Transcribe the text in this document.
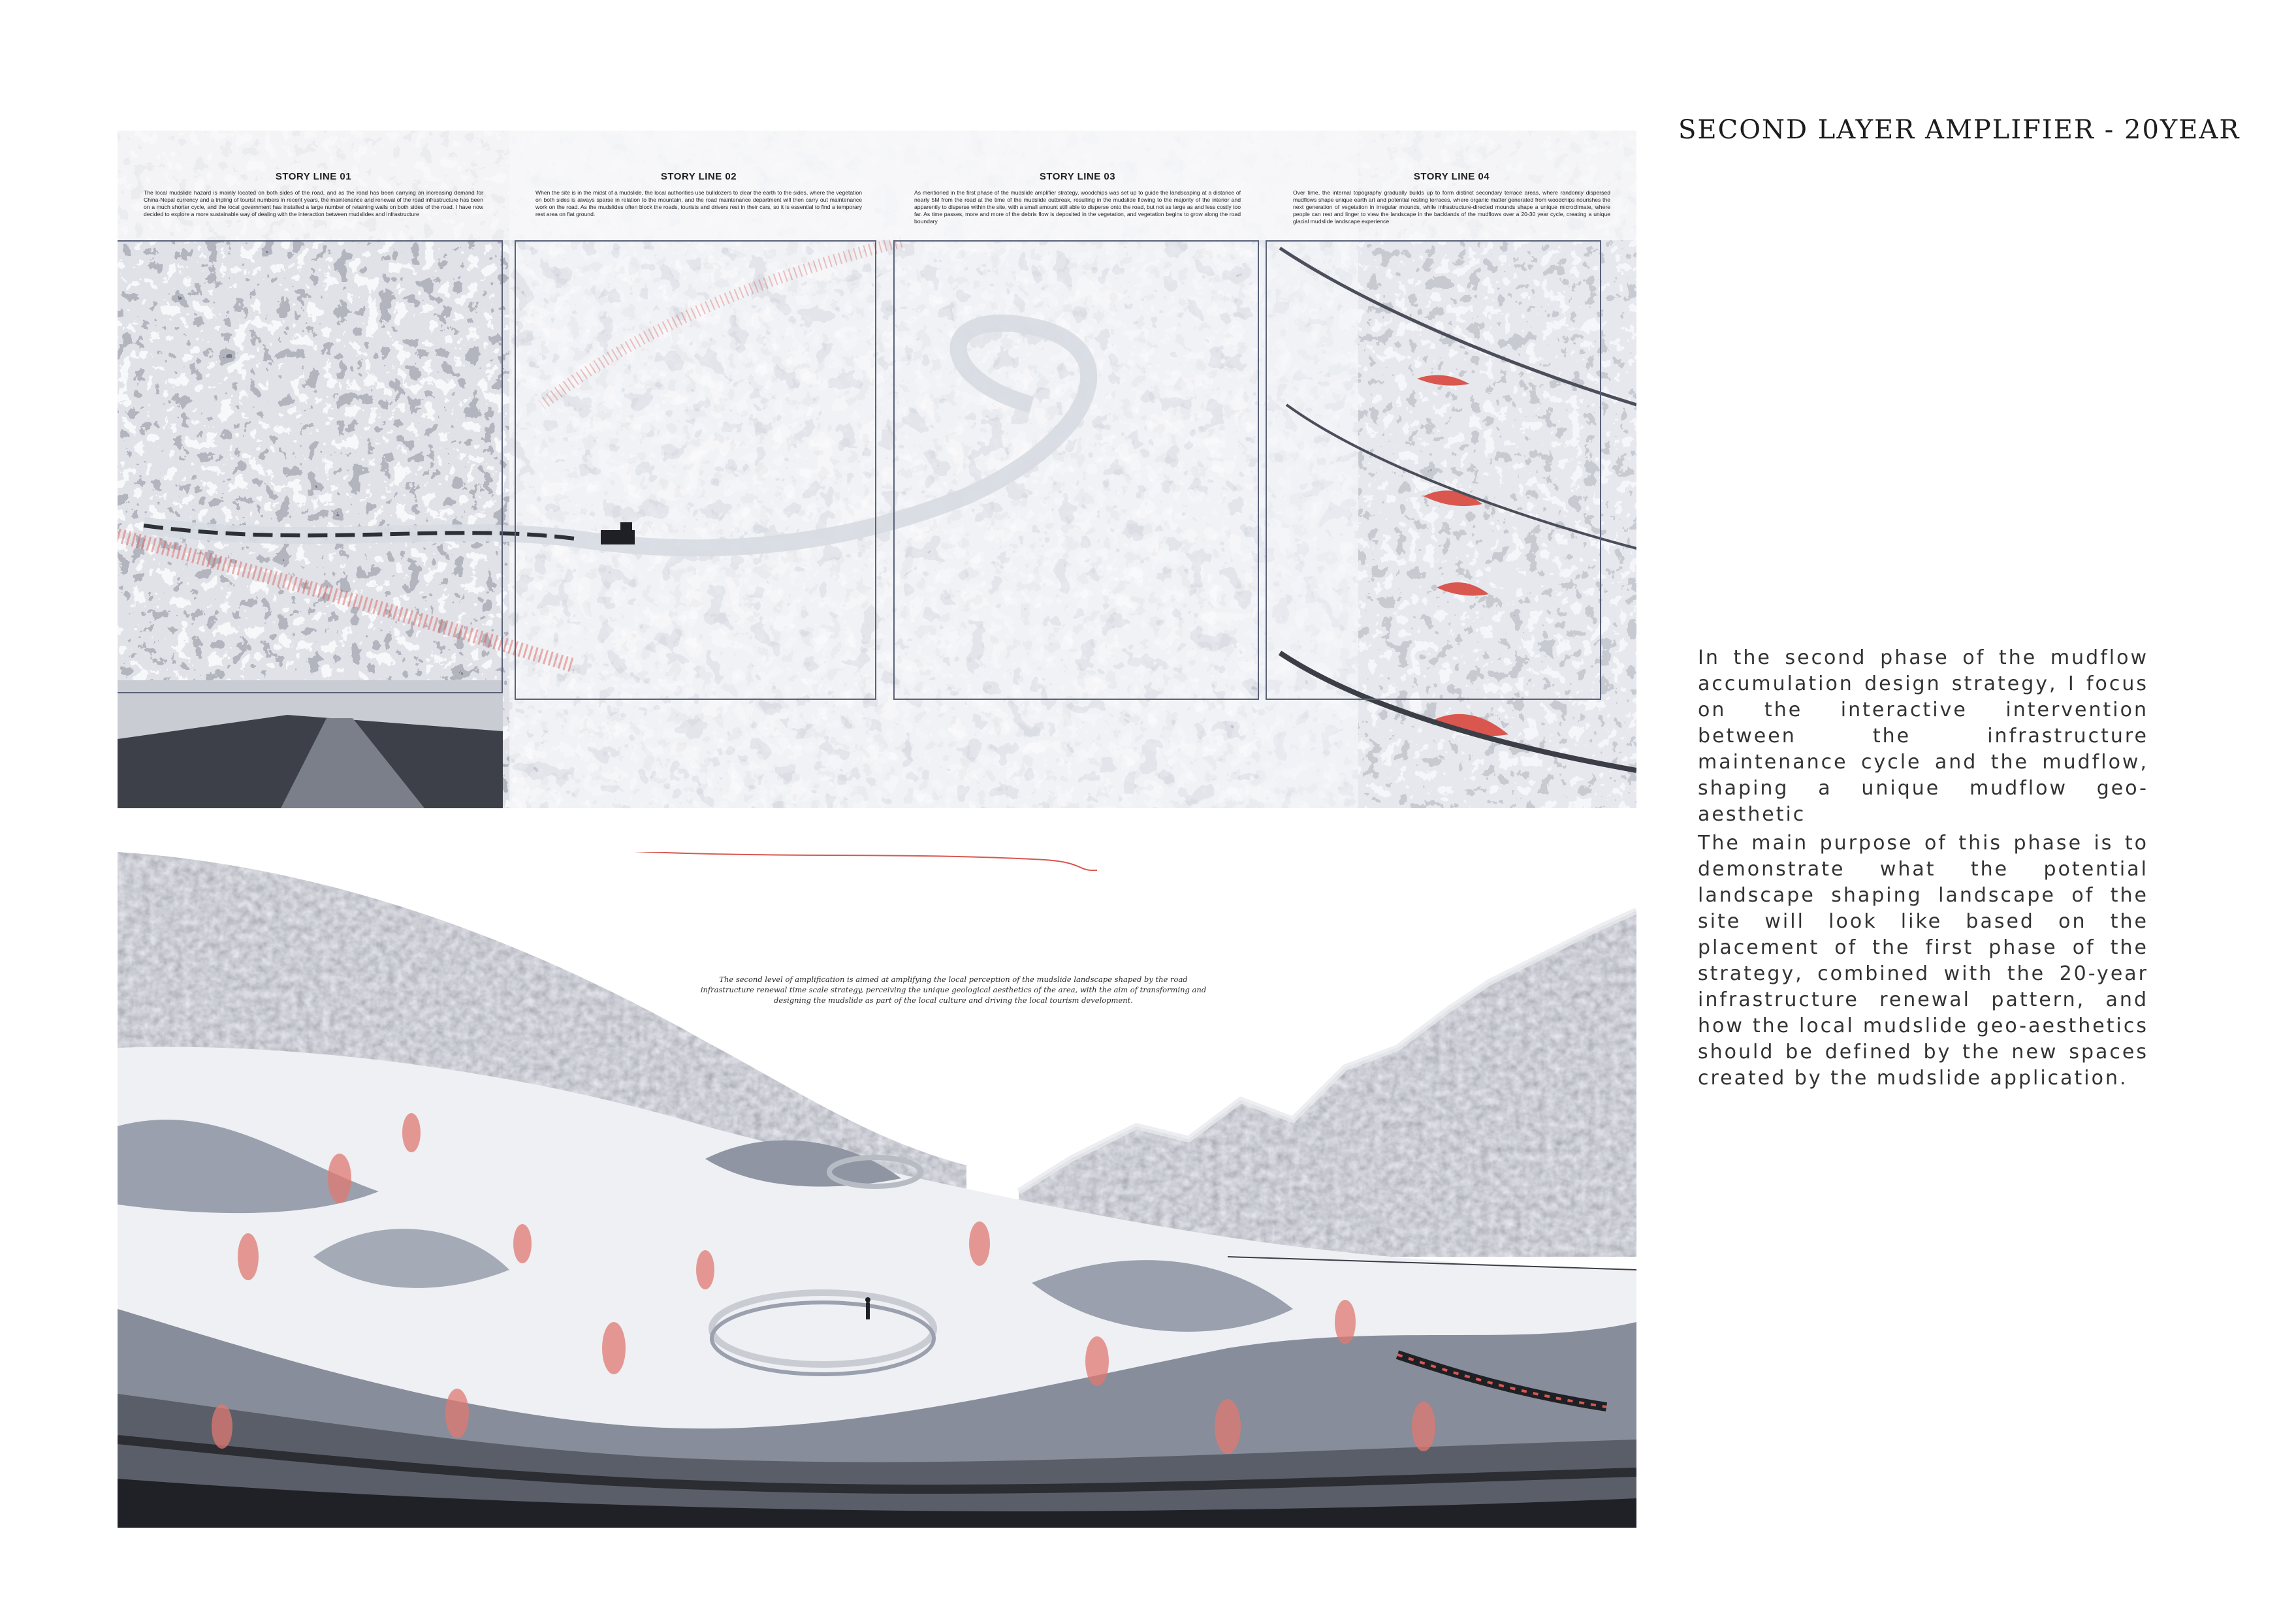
SECOND LAYER AMPLIFIER - 20YEAR
In the second phase of the mudflow accumulation design strategy, I focus on the interactive intervention between the infrastructure maintenance cycle and the mudflow, shaping a unique mudflow geo-aesthetic
The main purpose of this phase is to demonstrate what the potential landscape shaping landscape of the site will look like based on the placement of the first phase of the strategy, combined with the 20-year infrastructure renewal pattern, and how the local mudslide geo-aesthetics should be defined by the new spaces created by the mudslide application.
STORY LINE 01
The local mudslide hazard is mainly located on both sides of the road, and as the road has been carrying an increasing demand for China-Nepal currency and a tripling of tourist numbers in recent years, the maintenance and renewal of the road infrastructure has been on a much shorter cycle, and the local government has installed a large number of retaining walls on both sides of the road. I have now decided to explore a more sustainable way of dealing with the interaction between mudslides and infrastructure
STORY LINE 02
When the site is in the midst of a mudslide, the local authorities use bulldozers to clear the earth to the sides, where the vegetation on both sides is always sparse in relation to the mountain, and the road maintenance department will then carry out maintenance work on the road. As the mudslides often block the roads, tourists and drivers rest in their cars, so it is essential to find a temporary rest area on flat ground.
STORY LINE 03
As mentioned in the first phase of the mudslide amplifier strategy, woodchips was set up to guide the landscaping at a distance of nearly 5M from the road at the time of the mudslide outbreak, resulting in the mudslide flowing to the majority of the interior and apparently to disperse within the site, with a small amount still able to disperse onto the road, but not as large as and less costly too far. As time passes, more and more of the debris flow is deposited in the vegetation, and vegetation begins to grow along the road boundary
STORY LINE 04
Over time, the internal topography gradually builds up to form distinct secondary terrace areas, where randomly dispersed mudflows shape unique earth art and potential resting terraces, where organic matter generated from woodchips nourishes the next generation of vegetation in irregular mounds, while infrastructure-directed mounds shape a unique microclimate, where people can rest and linger to view the landscape in the backlands of the mudflows over a 20-30 year cycle, creating a unique glacial mudslide landscape experience
The second level of amplification is aimed at amplifying the local perception of the mudslide landscape shaped by the road infrastructure renewal time scale strategy, perceiving the unique geological aesthetics of the area, with the aim of transforming and designing the mudslide as part of the local culture and driving the local tourism development.
